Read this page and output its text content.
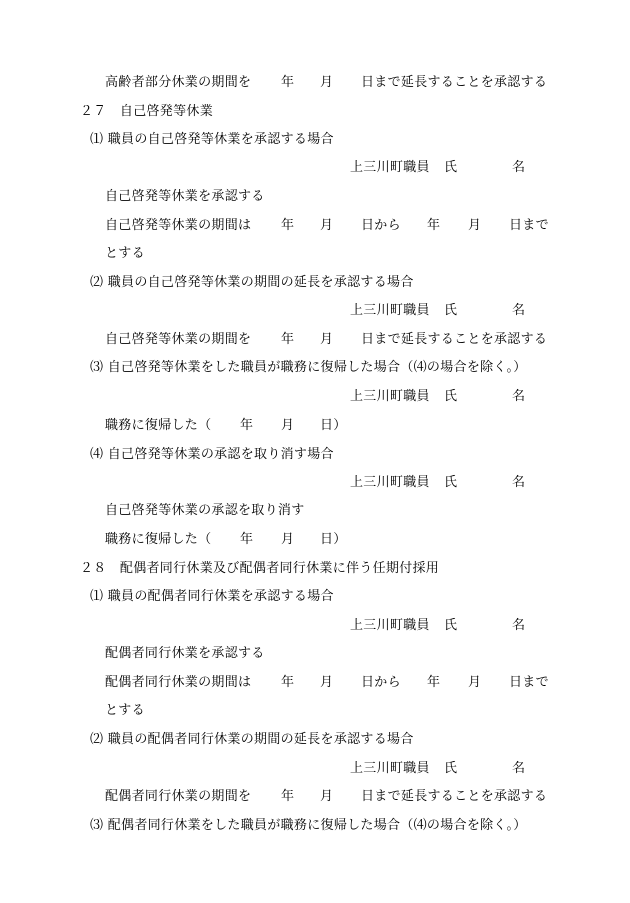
高齢者部分休業の期間を 年 月 日まで延長することを承認する
２７　自己啓発等休業
⑴ 職員の自己啓発等休業を承認する場合
上三川町職員 氏	名
自己啓発等休業を承認する
自己啓発等休業の期間は 年 月 日から 年 月 日まで
とする
⑵ 職員の自己啓発等休業の期間の延長を承認する場合
上三川町職員 氏	名
自己啓発等休業の期間を 年 月 日まで延長することを承認する
⑶ 自己啓発等休業をした職員が職務に復帰した場合（⑷の場合を除く。）
上三川町職員 氏	名
職務に復帰した（ 年 月 日）
⑷ 自己啓発等休業の承認を取り消す場合
上三川町職員 氏	名
自己啓発等休業の承認を取り消す
職務に復帰した（ 年 月 日）
２８　配偶者同行休業及び配偶者同行休業に伴う任期付採用
⑴ 職員の配偶者同行休業を承認する場合
上三川町職員 氏	名
配偶者同行休業を承認する
配偶者同行休業の期間は 年 月 日から 年 月 日まで
とする
⑵ 職員の配偶者同行休業の期間の延長を承認する場合
上三川町職員 氏	名
配偶者同行休業の期間を 年 月 日まで延長することを承認する
⑶ 配偶者同行休業をした職員が職務に復帰した場合（⑷の場合を除く。）
